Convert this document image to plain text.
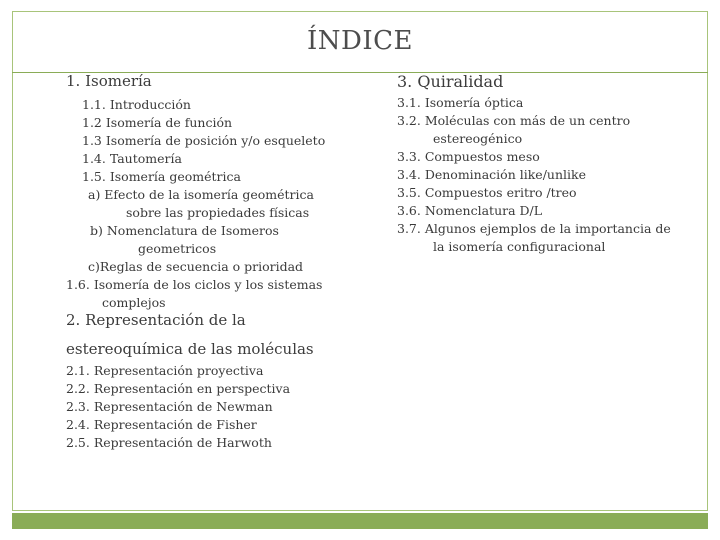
ÍNDICE
1. Isomería
1.1. Introducción
1.2 Isomería de función
1.3 Isomería de posición y/o esqueleto
1.4. Tautomería
1.5. Isomería geométrica
a) Efecto de la isomería geométrica
sobre las propiedades físicas
b) Nomenclatura de Isomeros
geometricos
c)Reglas de secuencia o prioridad
1.6. Isomería de los ciclos y los sistemas
complejos
2. Representación de la
estereoquímica de las moléculas
2.1. Representación proyectiva
2.2. Representación en perspectiva
2.3. Representación de Newman
2.4. Representación de Fisher
2.5. Representación de Harwoth
3. Quiralidad
3.1. Isomería óptica
3.2. Moléculas con más de un centro
estereogénico
3.3. Compuestos meso
3.4. Denominación like/unlike
3.5. Compuestos eritro /treo
3.6. Nomenclatura D/L
3.7. Algunos ejemplos de la importancia de
la isomería configuracional
